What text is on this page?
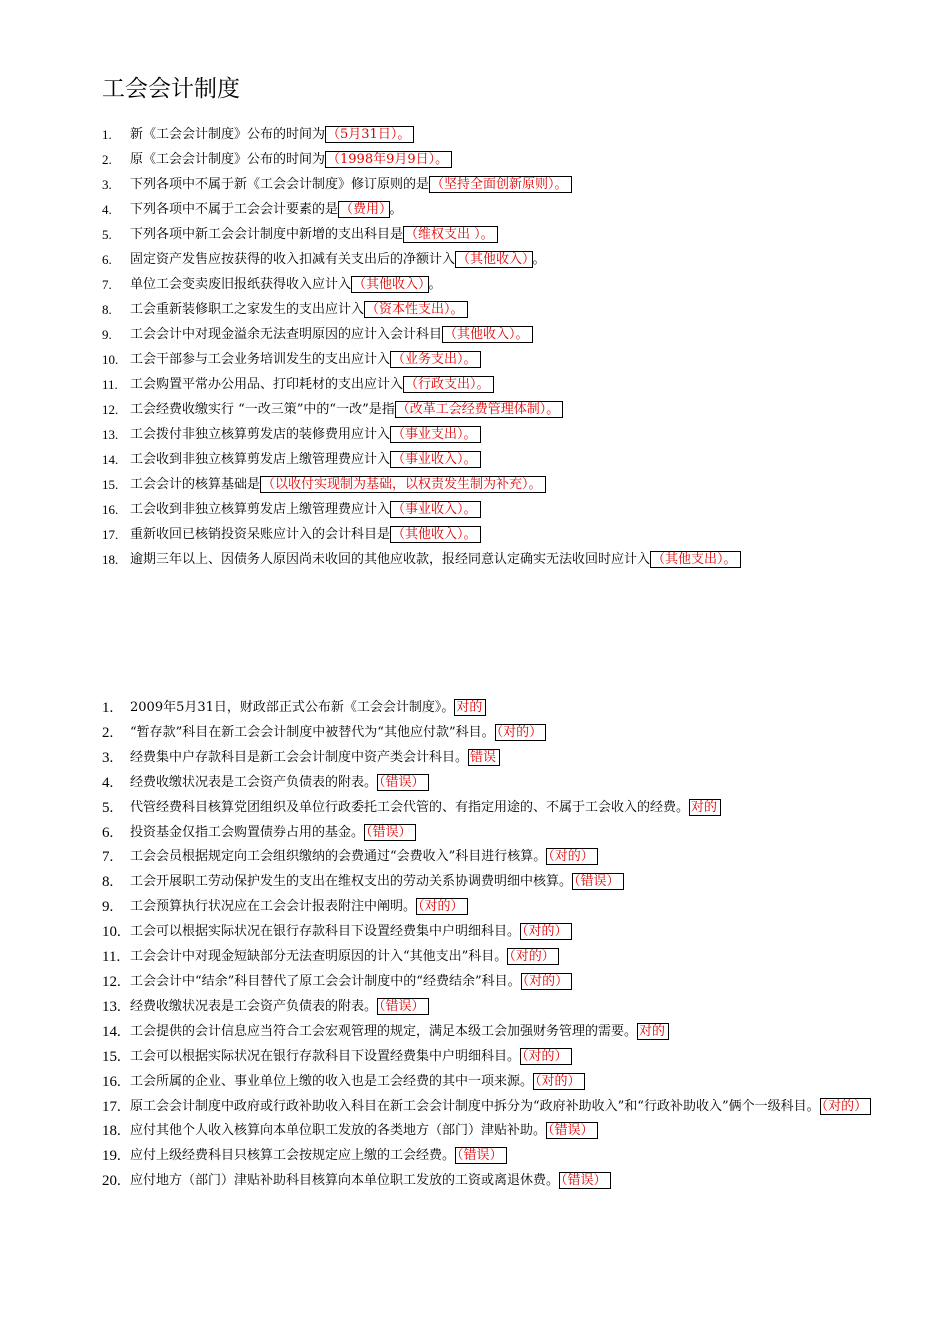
工会会计制度
1.	新《工会会计制度》公布的时间为 （5月31日）。
2.	原《工会会计制度》公布的时间为 （1998年9月9日）。
3.	下列各项中不属于新《工会会计制度》修订原则的是 （坚持全面创新原则）。
4.	下列各项中不属于工会会计要素的是 （费用） 。
5.	下列各项中新工会会计制度中新增的支出科目是 （维权支出 ）。
6.	固定资产发售应按获得的收入扣减有关支出后的净额计入 （其他收入） 。
7.	单位工会变卖废旧报纸获得收入应计入 （其他收入） 。
8.	工会重新装修职工之家发生的支出应计入 （资本性支出）。
9.	工会会计中对现金溢余无法查明原因的应计入会计科目 （其他收入）。
10. 工会干部参与工会业务培训发生的支出应计入 （业务支出）。
11. 工会购置平常办公用品、打印耗材的支出应计入 （行政支出）。
12. 工会经费收缴实行 “一改三策”中的“一改”是指 （改革工会经费管理体制）。
13. 工会拨付非独立核算剪发店的装修费用应计入 （事业支出）。
14. 工会收到非独立核算剪发店上缴管理费应计入 （事业收入）。
15. 工会会计的核算基础是 （以收付实现制为基础，以权责发生制为补充）。
16. 工会收到非独立核算剪发店上缴管理费应计入 （事业收入）。
17. 重新收回已核销投资呆账应计入的会计科目是 （其他收入）。
18. 逾期三年以上、因债务人原因尚未收回的其他应收款，报经同意认定确实无法收回时应计入 （其他支出）。
1.	2009年5月31日，财政部正式公布新《工会会计制度》。 对的
2.	“暂存款”科目在新工会会计制度中被替代为“其他应付款”科目。 （对的）
3.	经费集中户存款科目是新工会会计制度中资产类会计科目。 错误
4.	经费收缴状况表是工会资产负债表的附表。 （错误）
5.	代管经费科目核算党团组织及单位行政委托工会代管的、有指定用途的、不属于工会收入的经费。 对的
6.	投资基金仅指工会购置债券占用的基金。 （错误）
7.	工会会员根据规定向工会组织缴纳的会费通过“会费收入”科目进行核算。 （对的）
8.	工会开展职工劳动保护发生的支出在维权支出的劳动关系协调费明细中核算。 （错误）
9.	工会预算执行状况应在工会会计报表附注中阐明。 （对的）
10. 工会可以根据实际状况在银行存款科目下设置经费集中户明细科目。 （对的）
11. 工会会计中对现金短缺部分无法查明原因的计入“其他支出”科目。 （对的）
12. 工会会计中“结余”科目替代了原工会会计制度中的“经费结余”科目。 （对的）
13. 经费收缴状况表是工会资产负债表的附表。 （错误）
14. 工会提供的会计信息应当符合工会宏观管理的规定，满足本级工会加强财务管理的需要。 对的
15. 工会可以根据实际状况在银行存款科目下设置经费集中户明细科目。 （对的）
16. 工会所属的企业、事业单位上缴的收入也是工会经费的其中一项来源。 （对的）
17. 原工会会计制度中政府或行政补助收入科目在新工会会计制度中拆分为“政府补助收入”和“行政补助收入”俩个一级科目。 （对的）
18. 应付其他个人收入核算向本单位职工发放的各类地方（部门）津贴补助。 （错误）
19. 应付上级经费科目只核算工会按规定应上缴的工会经费。 （错误）
20. 应付地方（部门）津贴补助科目核算向本单位职工发放的工资或离退休费。 （错误）
